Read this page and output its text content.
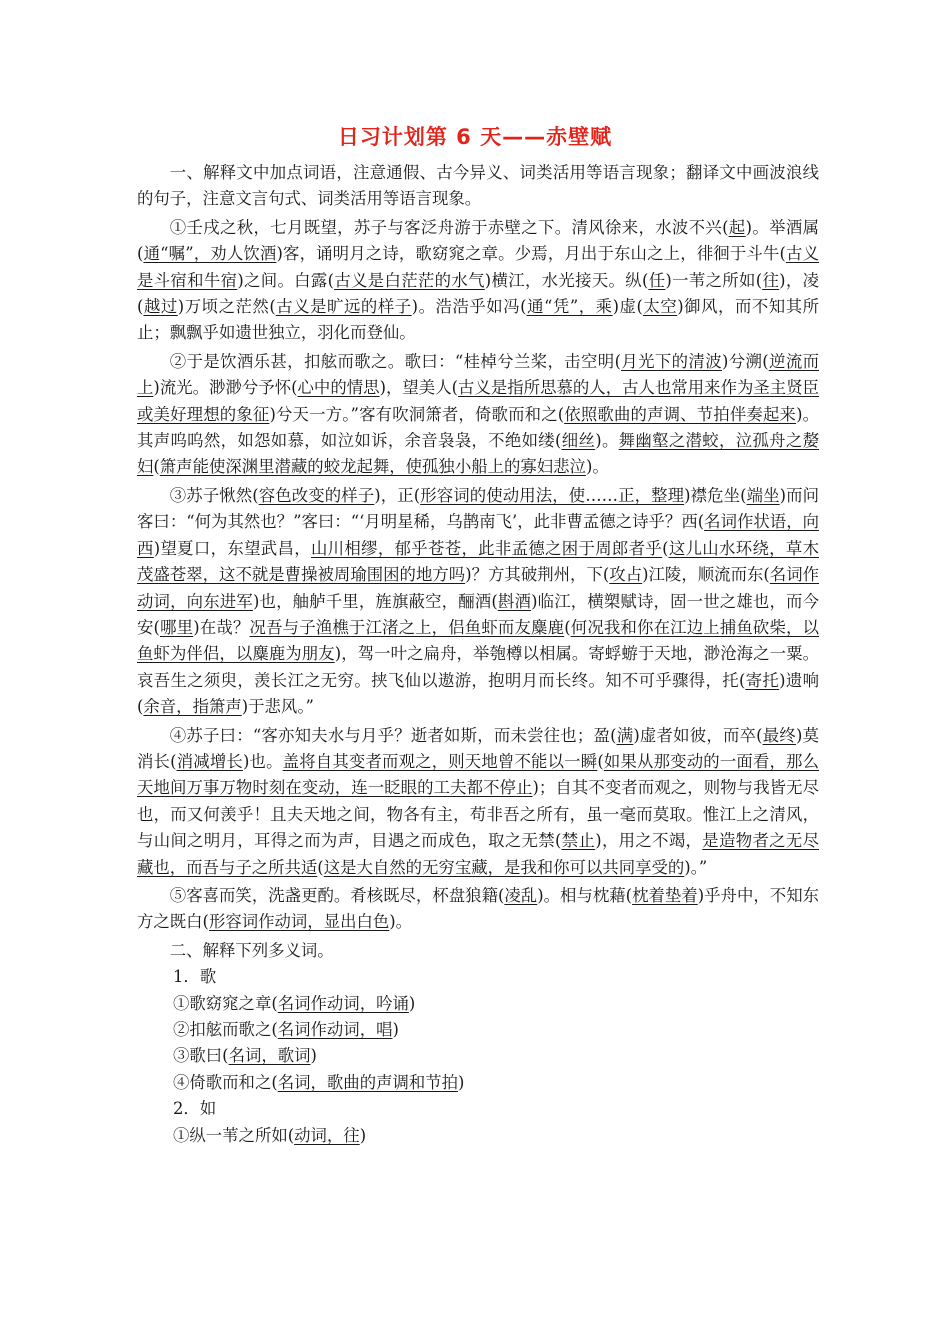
日习计划第 6 天——赤壁赋

一、解释文中加点词语，注意通假、古今异义、词类活用等语言现象；翻译文中画波浪线的句子，注意文言句式、词类活用等语言现象。

①壬戌之秋，七月既望，苏子与客泛舟游于赤壁之下。清风徐来，水波不兴(起)。举酒属(通“嘱”，劝人饮酒)客，诵明月之诗，歌窈窕之章。少焉，月出于东山之上，徘徊于斗牛(古义是斗宿和牛宿)之间。白露(古义是白茫茫的水气)横江，水光接天。纵(任)一苇之所如(往)，凌(越过)万顷之茫然(古义是旷远的样子)。浩浩乎如冯(通“凭”，乘)虚(太空)御风，而不知其所止；飘飘乎如遗世独立，羽化而登仙。

②于是饮酒乐甚，扣舷而歌之。歌曰：“桂棹兮兰桨，击空明(月光下的清波)兮溯(逆流而上)流光。渺渺兮予怀(心中的情思)，望美人(古义是指所思慕的人，古人也常用来作为圣主贤臣或美好理想的象征)兮天一方。”客有吹洞箫者，倚歌而和之(依照歌曲的声调、节拍伴奏起来)。其声呜呜然，如怨如慕，如泣如诉，余音袅袅，不绝如缕(细丝)。舞幽壑之潜蛟，泣孤舟之嫠妇(箫声能使深渊里潜藏的蛟龙起舞，使孤独小船上的寡妇悲泣)。

③苏子愀然(容色改变的样子)，正(形容词的使动用法，使……正，整理)襟危坐(端坐)而问客曰：“何为其然也？”客曰：“‘月明星稀，乌鹊南飞’，此非曹孟德之诗乎？西(名词作状语，向西)望夏口，东望武昌，山川相缪，郁乎苍苍，此非孟德之困于周郎者乎(这儿山水环绕，草木茂盛苍翠，这不就是曹操被周瑜围困的地方吗)？方其破荆州，下(攻占)江陵，顺流而东(名词作动词，向东进军)也，舳舻千里，旌旗蔽空，酾酒(斟酒)临江，横槊赋诗，固一世之雄也，而今安(哪里)在哉？况吾与子渔樵于江渚之上，侣鱼虾而友麋鹿(何况我和你在江边上捕鱼砍柴，以鱼虾为伴侣，以麋鹿为朋友)，驾一叶之扁舟，举匏樽以相属。寄蜉蝣于天地，渺沧海之一粟。哀吾生之须臾，羡长江之无穷。挟飞仙以遨游，抱明月而长终。知不可乎骤得，托(寄托)遗响(余音，指箫声)于悲风。”

④苏子曰：“客亦知夫水与月乎？逝者如斯，而未尝往也；盈(满)虚者如彼，而卒(最终)莫消长(消减增长)也。盖将自其变者而观之，则天地曾不能以一瞬(如果从那变动的一面看，那么天地间万事万物时刻在变动，连一眨眼的工夫都不停止)；自其不变者而观之，则物与我皆无尽也，而又何羡乎！且夫天地之间，物各有主，苟非吾之所有，虽一毫而莫取。惟江上之清风，与山间之明月，耳得之而为声，目遇之而成色，取之无禁(禁止)，用之不竭，是造物者之无尽藏也，而吾与子之所共适(这是大自然的无穷宝藏，是我和你可以共同享受的)。”

⑤客喜而笑，洗盏更酌。肴核既尽，杯盘狼籍(凌乱)。相与枕藉(枕着垫着)乎舟中，不知东方之既白(形容词作动词，显出白色)。

二、解释下列多义词。

1．歌

①歌窈窕之章(名词作动词，吟诵)

②扣舷而歌之(名词作动词，唱)

③歌曰(名词，歌词)

④倚歌而和之(名词，歌曲的声调和节拍)

2．如

①纵一苇之所如(动词，往)
